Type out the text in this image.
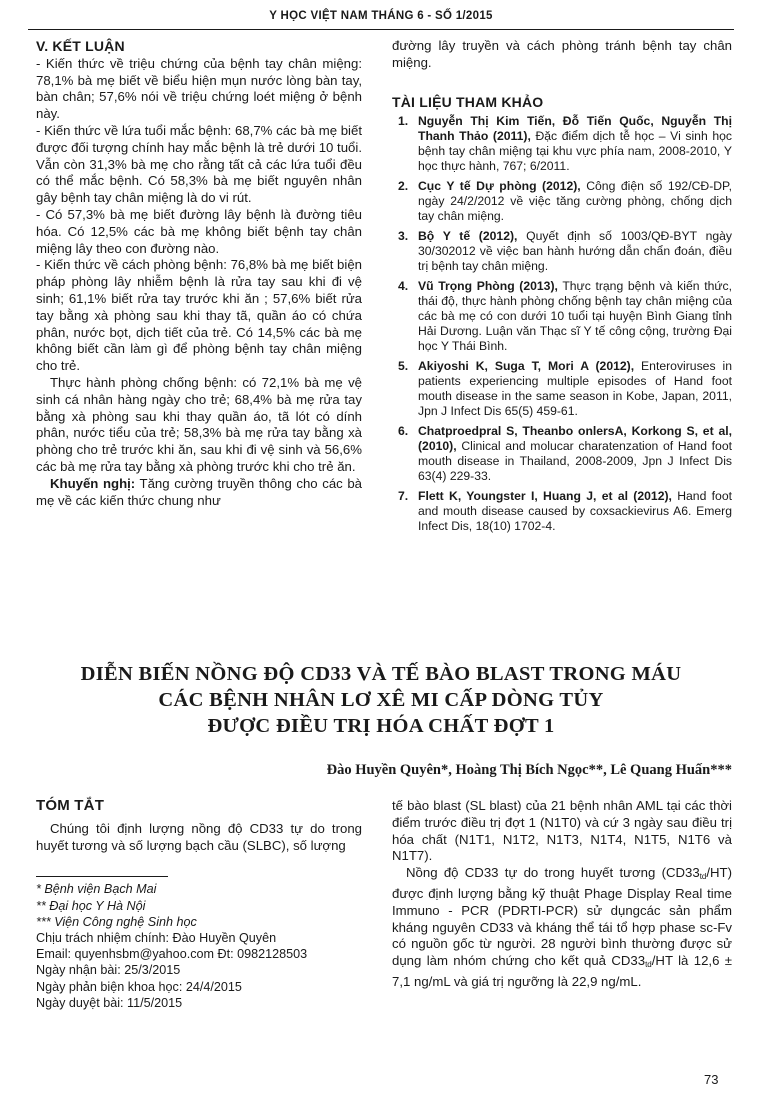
Y HỌC VIỆT NAM THÁNG 6 - SỐ 1/2015
V. KẾT LUẬN

- Kiến thức về triệu chứng của bệnh tay chân miệng: 78,1% bà mẹ biết về biểu hiện mụn nước lòng bàn tay, bàn chân; 57,6% nói về triệu chứng loét miệng ở bệnh này.

- Kiến thức về lứa tuổi mắc bệnh: 68,7% các bà mẹ biết được đối tượng chính hay mắc bệnh là trẻ dưới 10 tuổi. Vẫn còn 31,3% bà mẹ cho rằng tất cả các lứa tuổi đều có thể mắc bệnh. Có 58,3% bà mẹ biết nguyên nhân gây bệnh tay chân miệng là do vi rút.

- Có 57,3% bà mẹ biết đường lây bệnh là đường tiêu hóa. Có 12,5% các bà mẹ không biết bệnh tay chân miệng lây theo con đường nào.

- Kiến thức về cách phòng bệnh: 76,8% bà mẹ biết biện pháp phòng lây nhiễm bệnh là rửa tay sau khi đi vệ sinh; 61,1% biết rửa tay trước khi ăn ; 57,6% biết rửa tay bằng xà phòng sau khi thay tã, quần áo có chứa phân, nước bọt, dịch tiết của trẻ. Có 14,5% các bà mẹ không biết cần làm gì để phòng bệnh tay chân miệng cho trẻ.

Thực hành phòng chống bệnh: có 72,1% bà mẹ vệ sinh cá nhân hàng ngày cho trẻ; 68,4% bà mẹ rửa tay bằng xà phòng sau khi thay quần áo, tã lót có dính phân, nước tiểu của trẻ; 58,3% bà mẹ rửa tay bằng xà phòng cho trẻ trước khi ăn, sau khi đi vệ sinh và 56,6% các bà mẹ rửa tay bằng xà phòng trước khi cho trẻ ăn.

Khuyến nghị: Tăng cường truyền thông cho các bà mẹ về các kiến thức chung như

đường lây truyền và cách phòng tránh bệnh tay chân miệng.

TÀI LIỆU THAM KHẢO
1. Nguyễn Thị Kim Tiến, Đỗ Tiến Quốc, Nguyễn Thị Thanh Thảo (2011), Đặc điểm dịch tễ học – Vi sinh học bệnh tay chân miệng tại khu vực phía nam, 2008-2010, Y học thực hành, 767; 6/2011.
2. Cục Y tế Dự phòng (2012), Công điện số 192/CĐ-DP, ngày 24/2/2012 về việc tăng cường phòng, chống dịch tay chân miệng.
3. Bộ Y tế (2012), Quyết định số 1003/QĐ-BYT ngày 30/302012 về việc ban hành hướng dẫn chẩn đoán, điều trị bệnh tay chân miệng.
4. Vũ Trọng Phòng (2013), Thực trạng bệnh và kiến thức, thái độ, thực hành phòng chống bệnh tay chân miệng của các bà mẹ có con dưới 10 tuổi tại huyện Bình Giang tỉnh Hải Dương. Luận văn Thạc sĩ Y tế công cộng, trường Đại học Y Thái Bình.
5. Akiyoshi K, Suga T, Mori A (2012), Enteroviruses in patients experiencing multiple episodes of Hand foot mouth disease in the same season in Kobe, Japan, 2011, Jpn J Infect Dis 65(5) 459-61.
6. Chatproedpral S, Theanbo onlersA, Korkong S, et al, (2010), Clinical and molucar charatenzation of Hand foot mouth disease in Thailand, 2008-2009, Jpn J Infect Dis 63(4) 229-33.
7. Flett K, Youngster I, Huang J, et al (2012), Hand foot and mouth disease caused by coxsackievirus A6. Emerg Infect Dis, 18(10) 1702-4.
DIỄN BIẾN NỒNG ĐỘ CD33 VÀ TẾ BÀO BLAST TRONG MÁU
CÁC BỆNH NHÂN LƠ XÊ MI CẤP DÒNG TỦY
ĐƯỢC ĐIỀU TRỊ HÓA CHẤT ĐỢT 1
Đào Huyền Quyên*, Hoàng Thị Bích Ngọc**, Lê Quang Huấn***
TÓM TẮT

Chúng tôi định lượng nồng độ CD33 tự do trong huyết tương và số lượng bạch cầu (SLBC), số lượng

* Bệnh viện Bạch Mai
** Đại học Y Hà Nội
*** Viện Công nghệ Sinh học
Chịu trách nhiệm chính: Đào Huyền Quyên
Email: quyenhsbm@yahoo.com Đt: 0982128503
Ngày nhận bài: 25/3/2015
Ngày phản biện khoa học: 24/4/2015
Ngày duyệt bài: 11/5/2015

tế bào blast (SL blast) của 21 bệnh nhân AML tại các thời điểm trước điều trị đợt 1 (N1T0) và cứ 3 ngày sau điều trị hóa chất (N1T1, N1T2, N1T3, N1T4, N1T5, N1T6 và N1T7).

Nồng độ CD33 tự do trong huyết tương $(CD33_{td}/HT)$ được định lượng bằng kỹ thuật Phage Display Real time Immuno - PCR (PDRTI-PCR) sử dụngcác sản phẩm kháng nguyên CD33 và kháng thể tái tổ hợp phase sc-Fv có nguồn gốc từ người. 28 người bình thường được sử dụng làm nhóm chứng cho kết quả $CD33_{td}/HT$ là 12,6 ± 7,1 ng/mL và giá trị ngưỡng là 22,9 ng/mL.

73
